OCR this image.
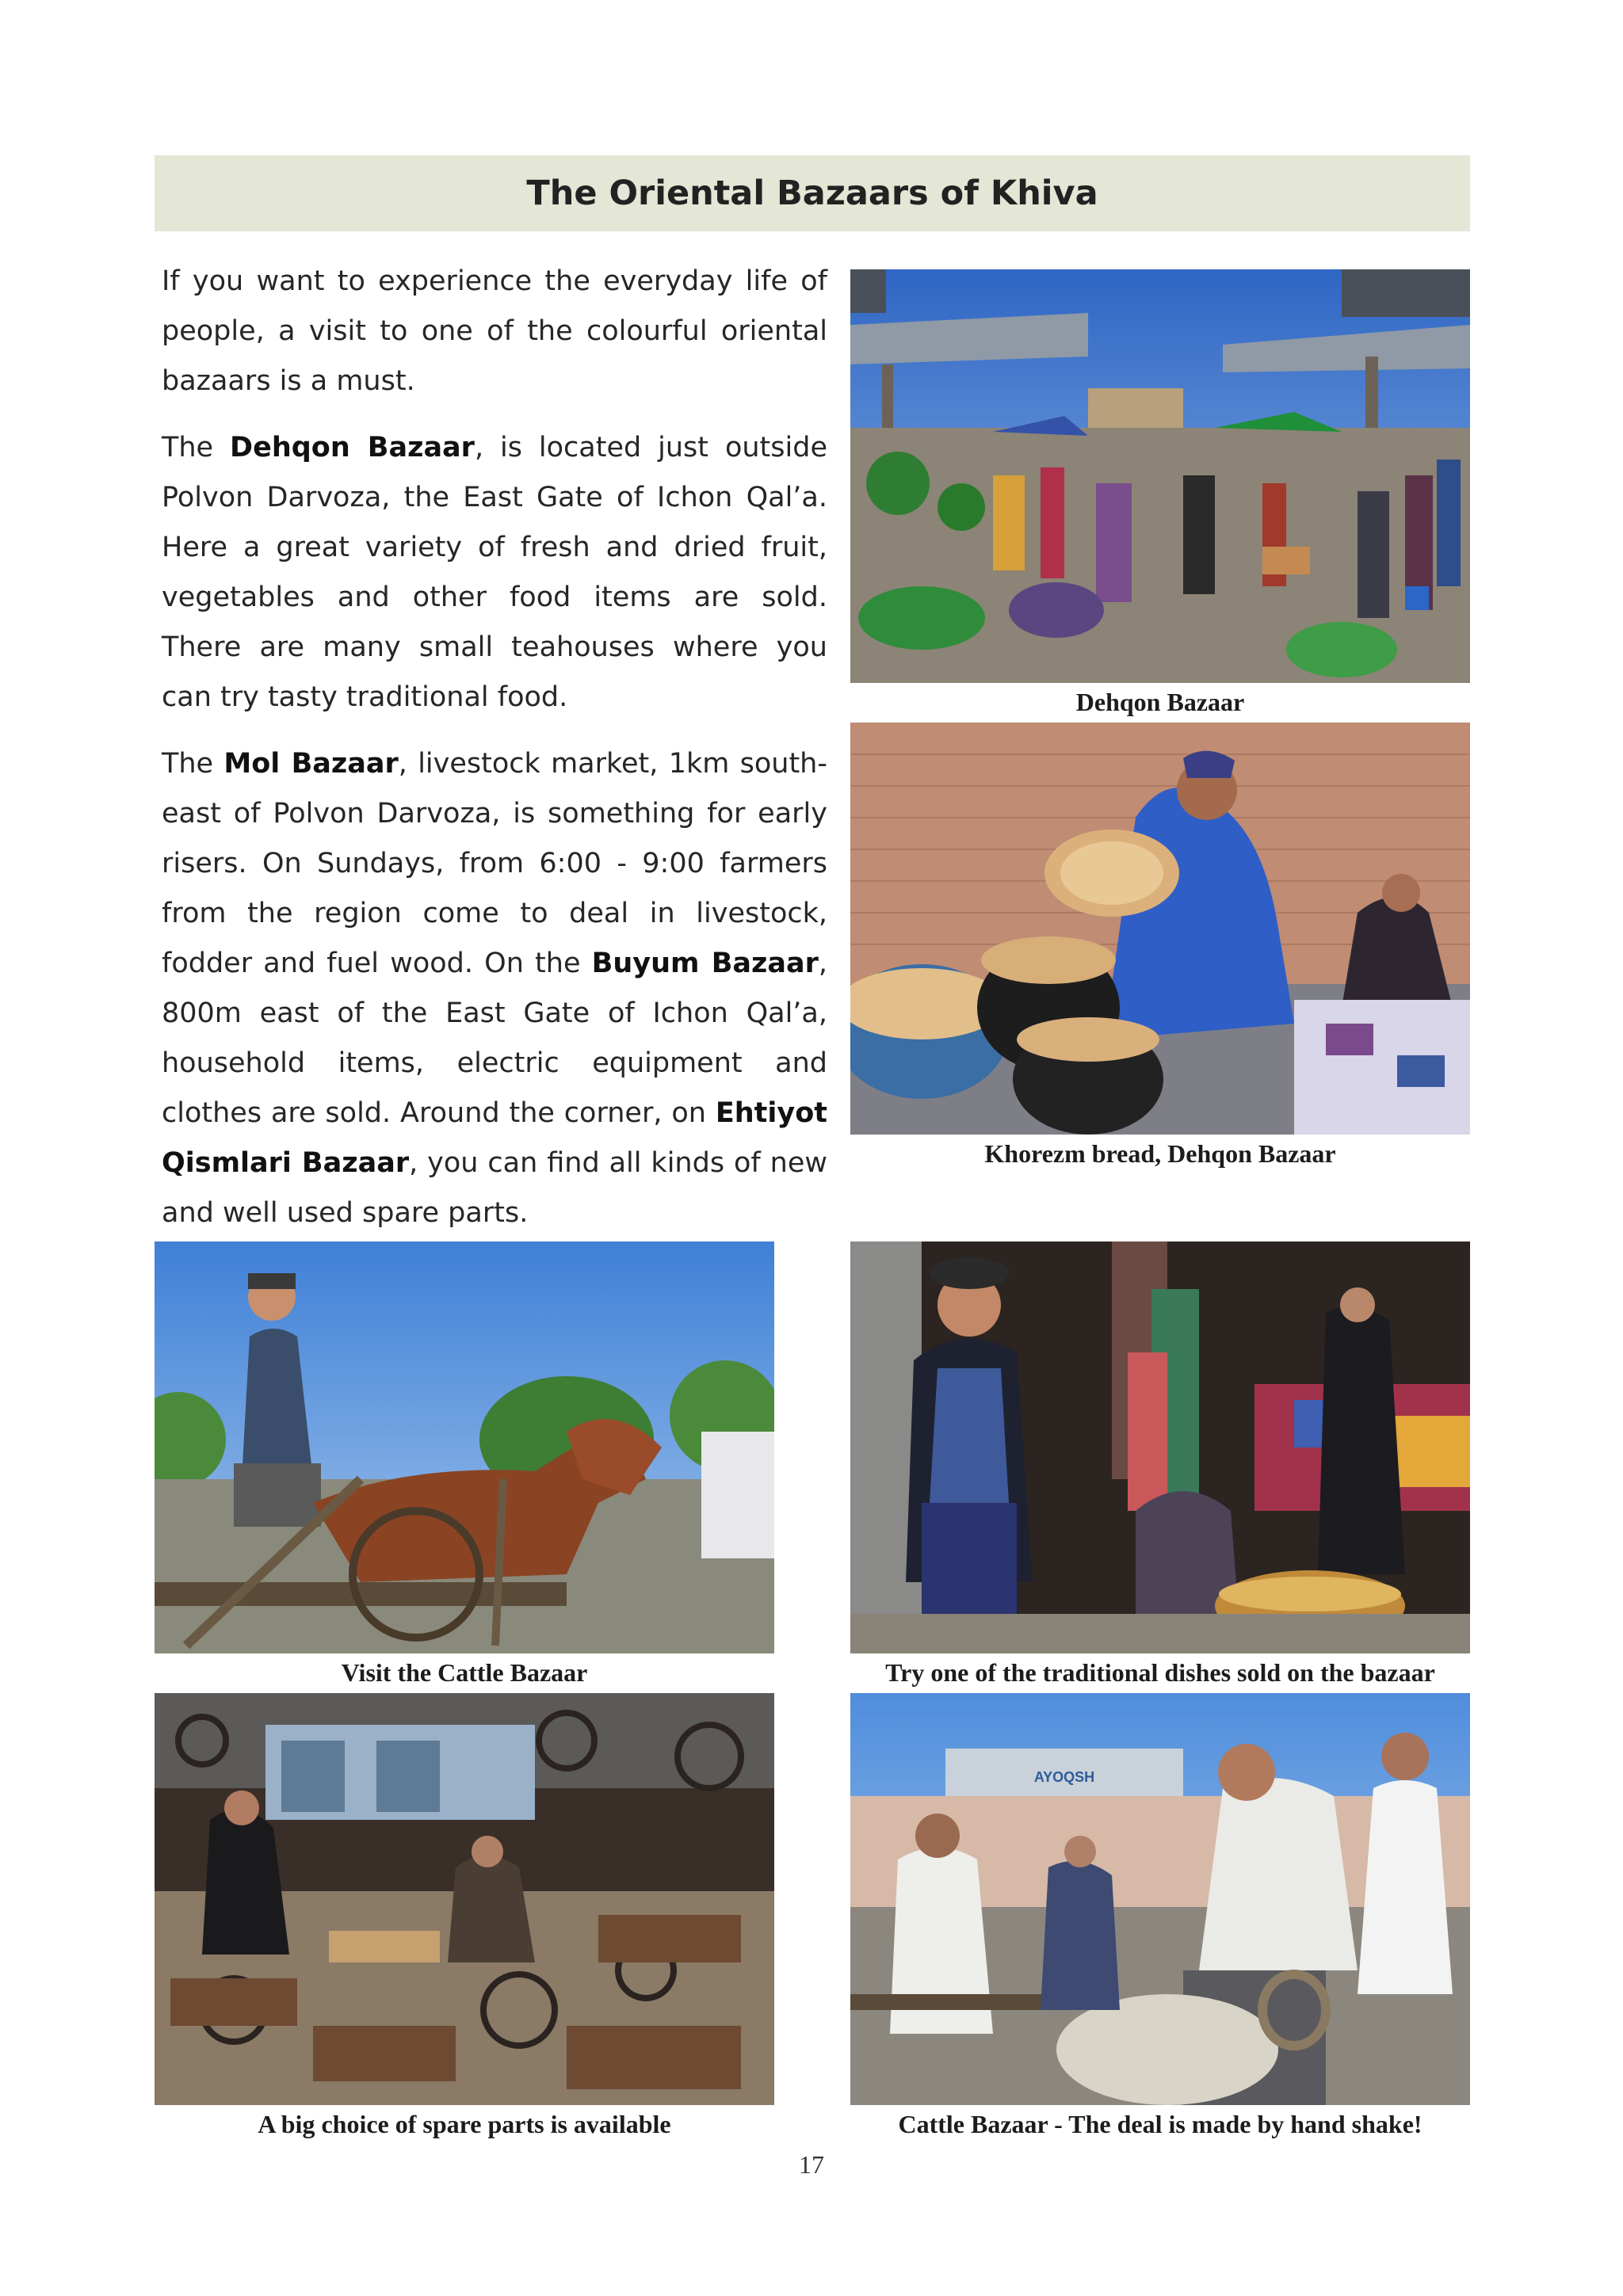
The Oriental Bazaars of Khiva

If you want to experience the everyday life of people, a visit to one of the colourful oriental bazaars is a must.

The Dehqon Bazaar, is located just outside Polvon Darvoza, the East Gate of Ichon Qal’a. Here a great variety of fresh and dried fruit, vegetables and other food items are sold. There are many small teahouses where you can try tasty traditional food.

The Mol Bazaar, livestock market, 1km south-east of Polvon Darvoza, is something for early risers. On Sundays, from 6:00 - 9:00 farmers from the region come to deal in livestock, fodder and fuel wood. On the Buyum Bazaar, 800m east of the East Gate of Ichon Qal’a, household items, electric equipment and clothes are sold. Around the corner, on Ehtiyot Qismlari Bazaar, you can find all kinds of new and well used spare parts.

Dehqon Bazaar
Khorezm bread, Dehqon Bazaar
Visit the Cattle Bazaar	Try one of the traditional dishes sold on the bazaar
A big choice of spare parts is available
AYOQSH
Cattle Bazaar - The deal is made by hand shake!
17
